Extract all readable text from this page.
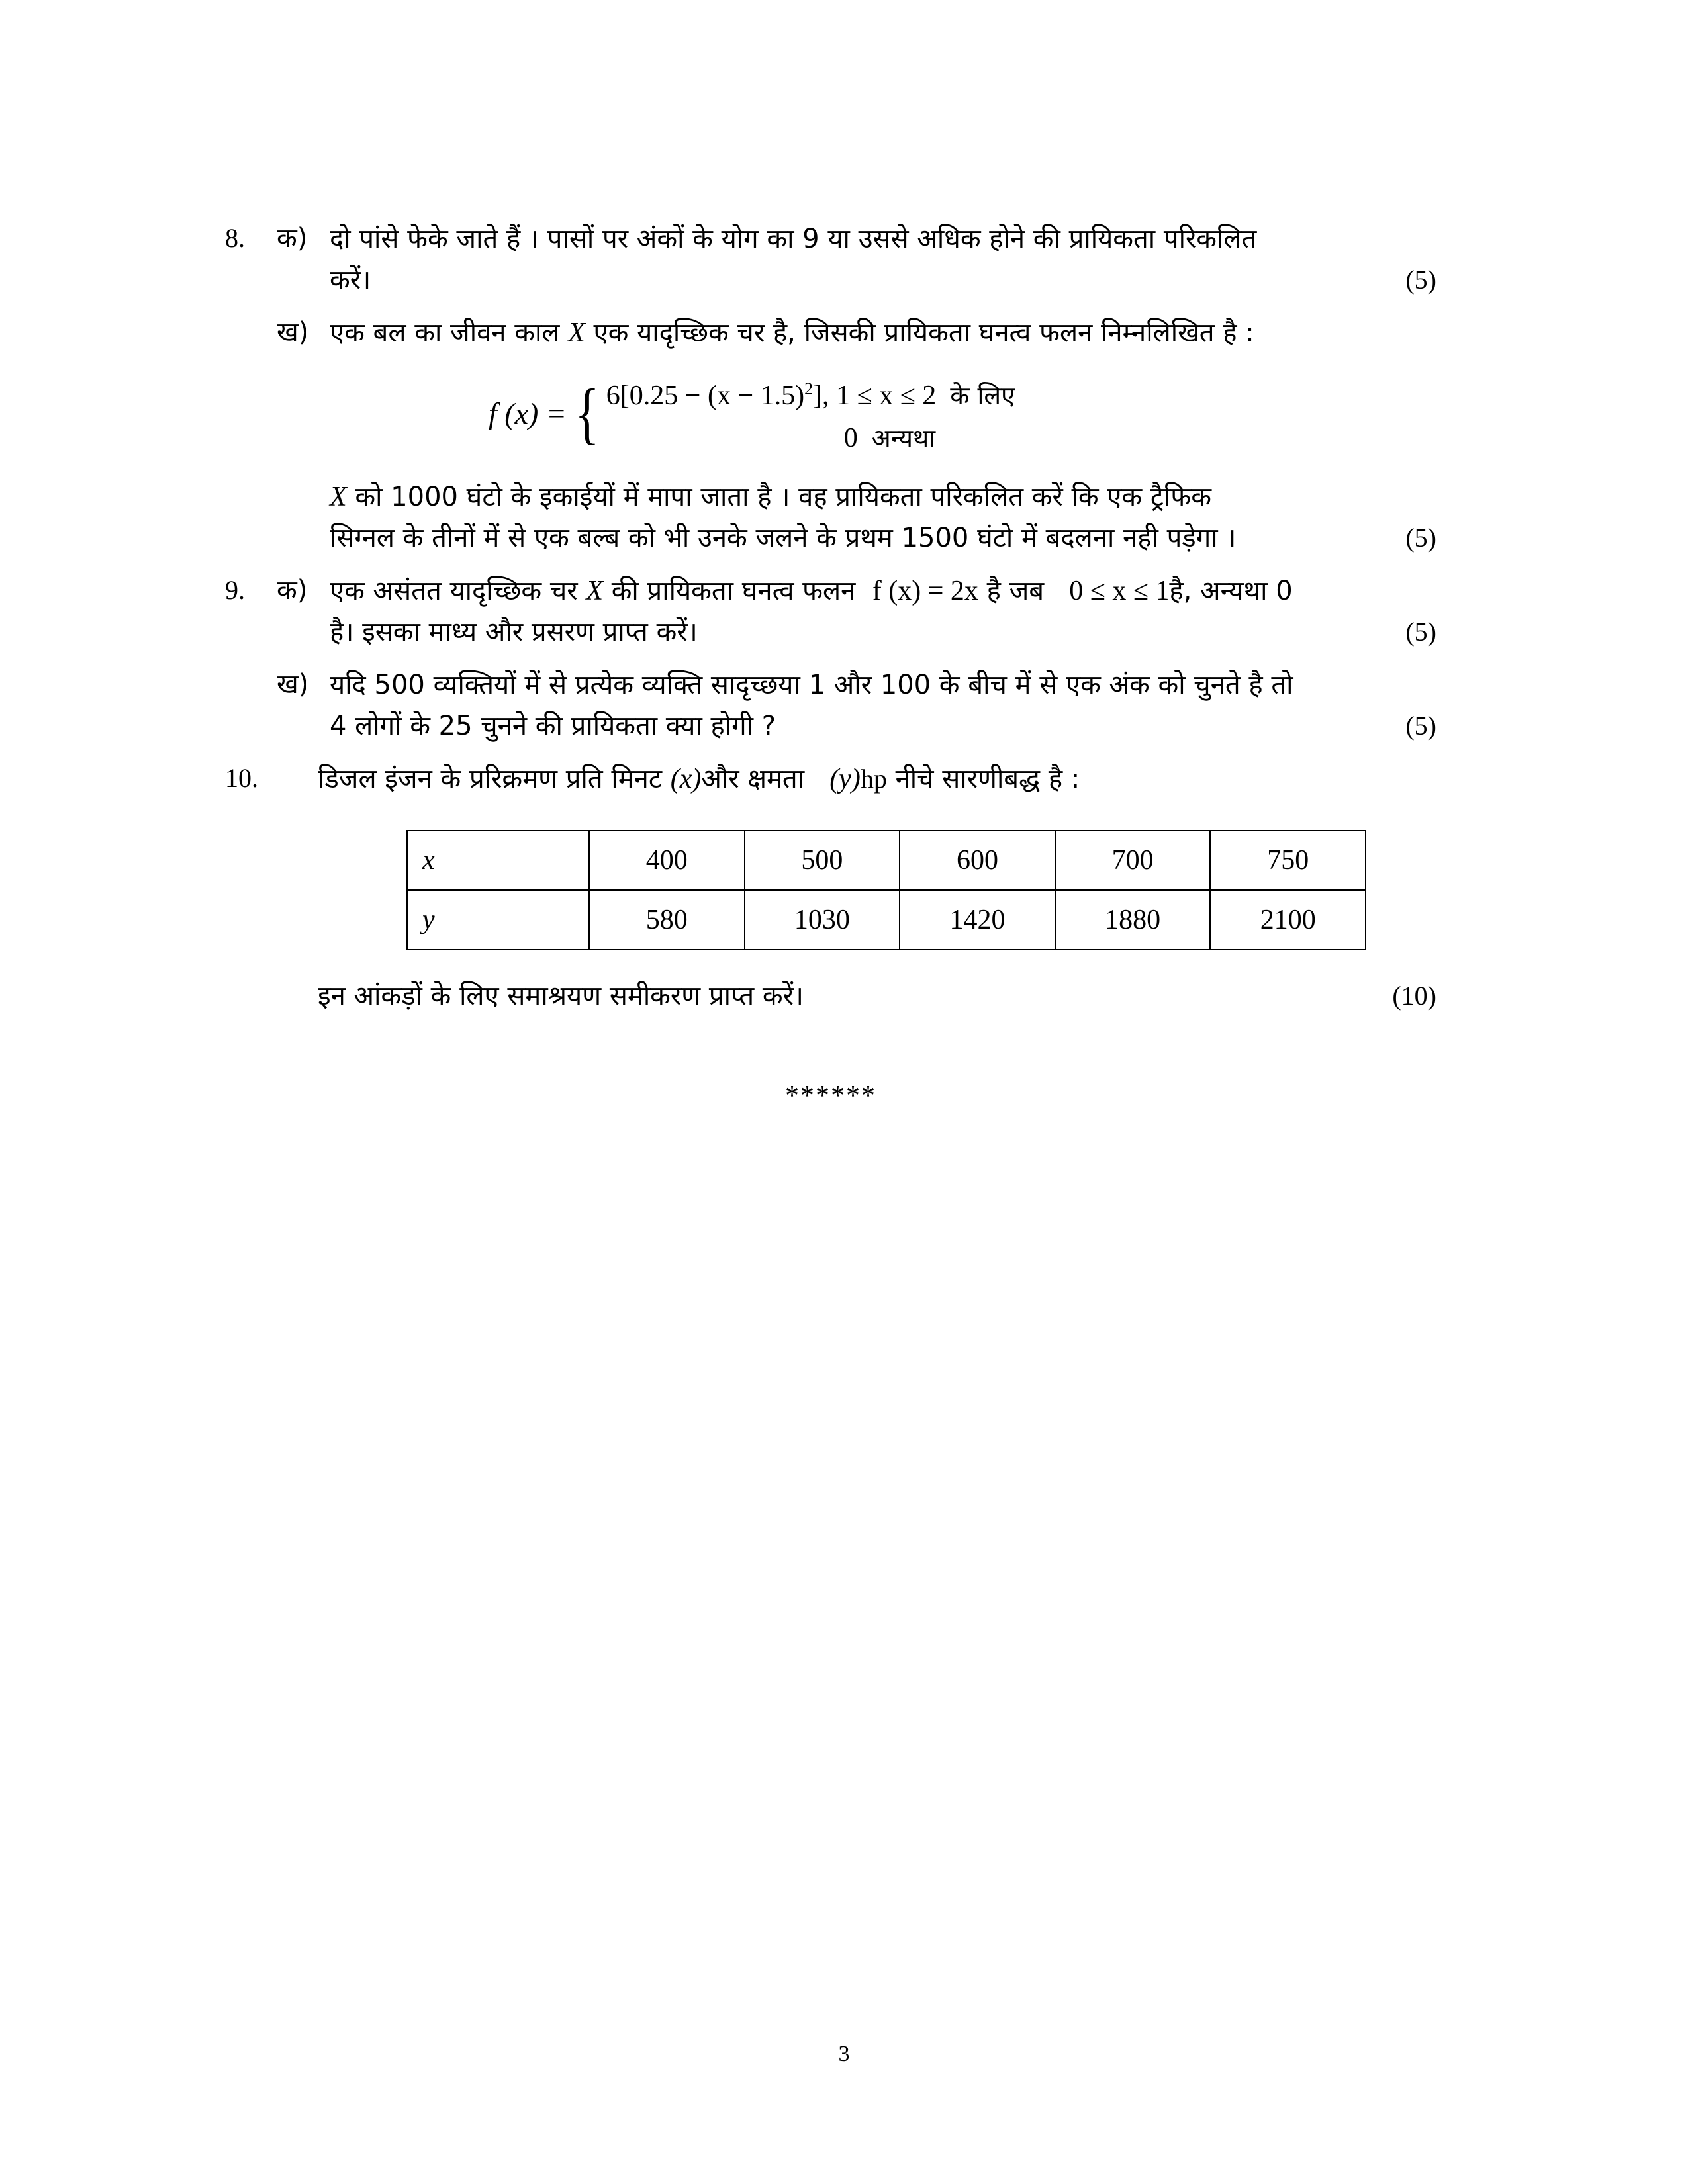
8.	क) दो पांसे फेके जाते हैं । पासों पर अंकों के योग का 9 या उससे अधिक होने की प्रायिकता परिकलित
करें।	(5)
ख) एक बल का जीवन काल X एक यादृच्छिक चर है, जिसकी प्रायिकता घनत्व फलन निम्नलिखित है :
f (x) = { $6[0.25 - (x - 1.5)^2]$, 1 ≤ x ≤ 2 के लिए
0 अन्यथा
X को 1000 घंटो के इकाईयों में मापा जाता है । वह प्रायिकता परिकलित करें कि एक ट्रैफिक
(5)
सिग्नल के तीनों में से एक बल्ब को भी उनके जलने के प्रथम 1500 घंटो में बदलना नही पड़ेगा ।
9.	क) एक असंतत यादृच्छिक चर X की प्रायिकता घनत्व फलन f (x) = 2x है जब 0 ≤ x ≤ 1है, अन्यथा 0
है। इसका माध्य और प्रसरण प्राप्त करें।	(5)
ख) यदि 500 व्यक्तियों में से प्रत्येक व्यक्ति सादृच्छया 1 और 100 के बीच में से एक अंक को चुनते है तो
4 लोगों के 25 चुनने की प्रायिकता क्या होगी ?	(5)
10.	डिजल इंजन के प्ररिक्रमण प्रति मिनट (x)और क्षमता (y)hp नीचे सारणीबद्ध है :
x	400	500	600	700	750
y	580	1030	1420	1880	2100
इन आंकड़ों के लिए समाश्रयण समीकरण प्राप्त करें।	(10)
******
3
